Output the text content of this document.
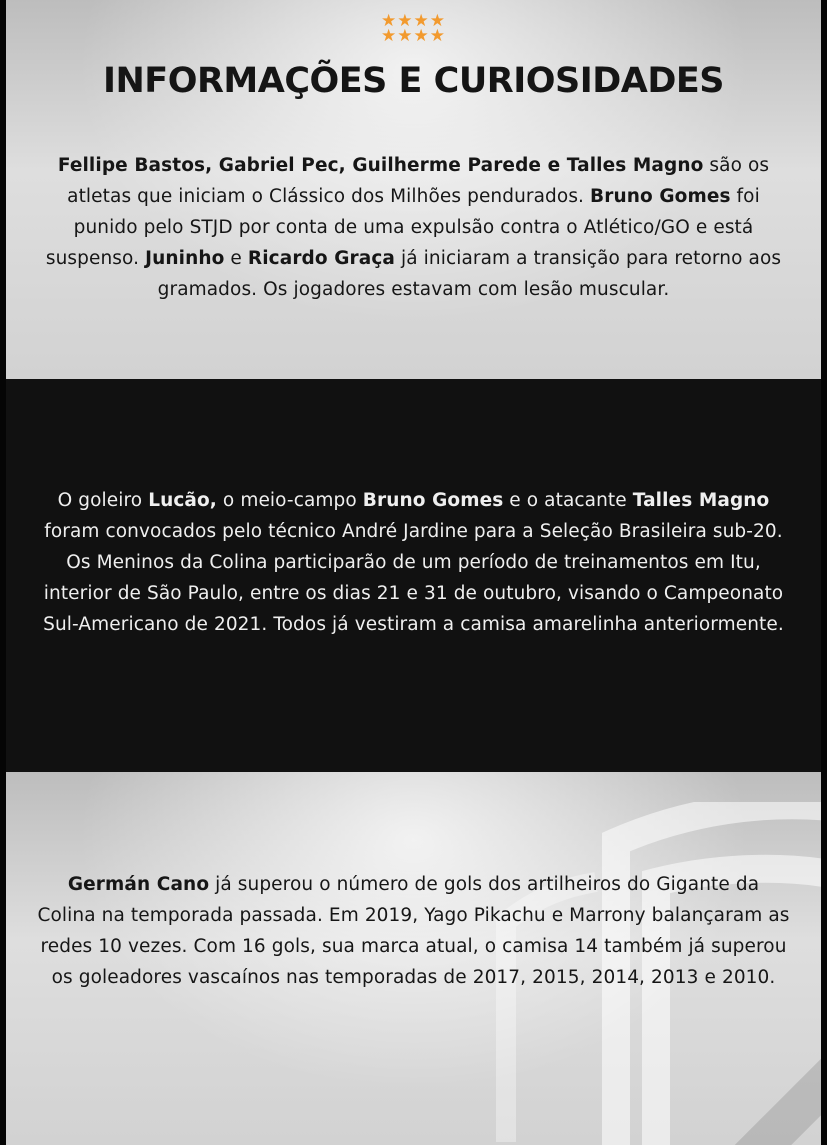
★★★★
★★★★
INFORMAÇÕES E CURIOSIDADES

Fellipe Bastos, Gabriel Pec, Guilherme Parede e Talles Magno são os atletas que iniciam o Clássico dos Milhões pendurados. Bruno Gomes foi punido pelo STJD por conta de uma expulsão contra o Atlético/GO e está suspenso. Juninho e Ricardo Graça já iniciaram a transição para retorno aos gramados. Os jogadores estavam com lesão muscular.

O goleiro Lucão, o meio-campo Bruno Gomes e o atacante Talles Magno foram convocados pelo técnico André Jardine para a Seleção Brasileira sub-20. Os Meninos da Colina participarão de um período de treinamentos em Itu, interior de São Paulo, entre os dias 21 e 31 de outubro, visando o Campeonato Sul-Americano de 2021. Todos já vestiram a camisa amarelinha anteriormente.

Germán Cano já superou o número de gols dos artilheiros do Gigante da Colina na temporada passada. Em 2019, Yago Pikachu e Marrony balançaram as redes 10 vezes. Com 16 gols, sua marca atual, o camisa 14 também já superou os goleadores vascaínos nas temporadas de 2017, 2015, 2014, 2013 e 2010.
